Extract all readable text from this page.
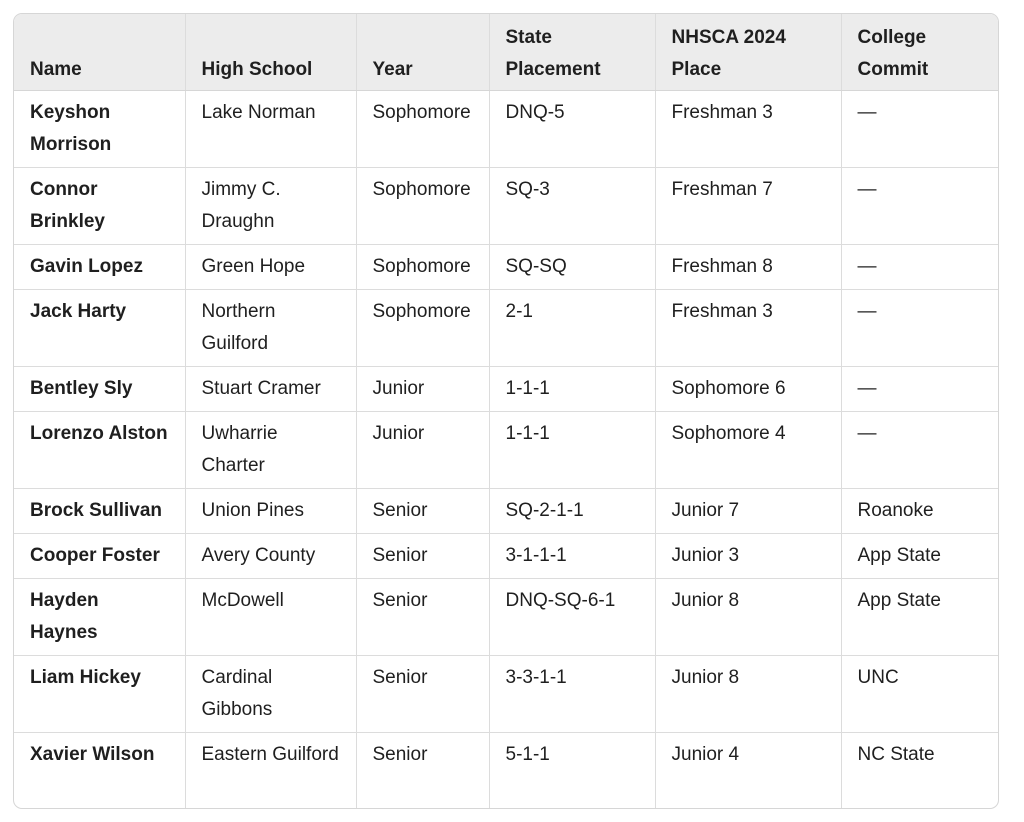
Name	High School	Year	State Placement	NHSCA 2024 Place	College Commit
Keyshon Morrison	Lake Norman	Sophomore	DNQ-5	Freshman 3	—
Connor Brinkley	Jimmy C. Draughn	Sophomore	SQ-3	Freshman 7	—
Gavin Lopez	Green Hope	Sophomore	SQ-SQ	Freshman 8	—
Jack Harty	Northern Guilford	Sophomore	2-1	Freshman 3	—
Bentley Sly	Stuart Cramer	Junior	1-1-1	Sophomore 6	—
Lorenzo Alston	Uwharrie Charter	Junior	1-1-1	Sophomore 4	—
Brock Sullivan	Union Pines	Senior	SQ-2-1-1	Junior 7	Roanoke
Cooper Foster	Avery County	Senior	3-1-1-1	Junior 3	App State
Hayden Haynes	McDowell	Senior	DNQ-SQ-6-1	Junior 8	App State
Liam Hickey	Cardinal Gibbons	Senior	3-3-1-1	Junior 8	UNC
Xavier Wilson	Eastern Guilford	Senior	5-1-1	Junior 4	NC State
